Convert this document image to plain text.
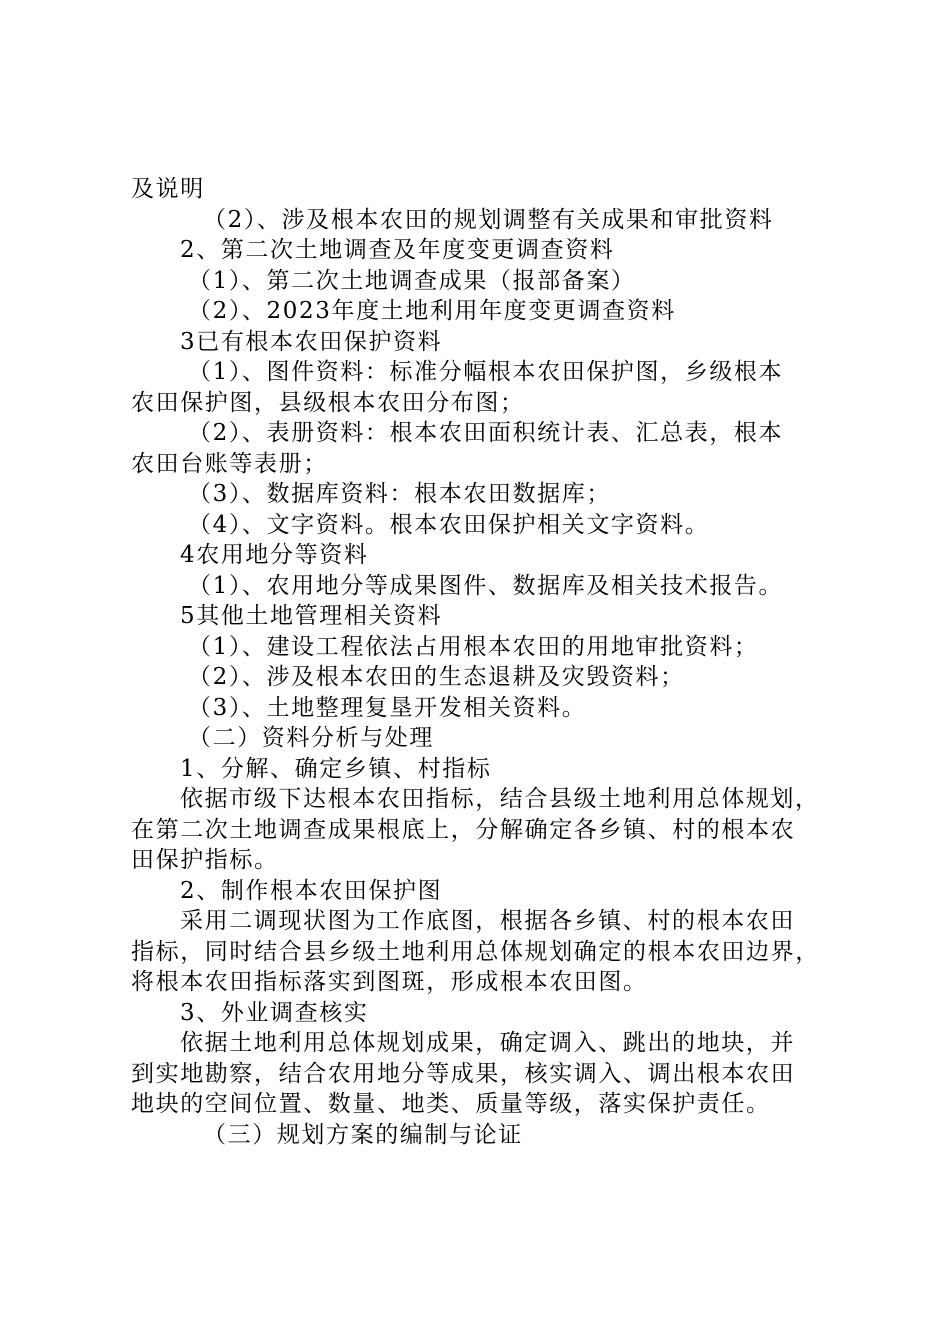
及说明
（2）、涉及根本农田的规划调整有关成果和审批资料
2、第二次土地调查及年度变更调查资料
（1）、第二次土地调查成果（报部备案）
（2）、2023年度土地利用年度变更调查资料
3已有根本农田保护资料
（1）、图件资料：标准分幅根本农田保护图，乡级根本
农田保护图，县级根本农田分布图；
（2）、表册资料：根本农田面积统计表、汇总表，根本
农田台账等表册；
（3）、数据库资料：根本农田数据库；
（4）、文字资料。根本农田保护相关文字资料。
4农用地分等资料
（1）、农用地分等成果图件、数据库及相关技术报告。
5其他土地管理相关资料
（1）、建设工程依法占用根本农田的用地审批资料；
（2）、涉及根本农田的生态退耕及灾毁资料；
（3）、土地整理复垦开发相关资料。
（二）资料分析与处理
1、分解、确定乡镇、村指标
依据市级下达根本农田指标，结合县级土地利用总体规划，
在第二次土地调查成果根底上，分解确定各乡镇、村的根本农
田保护指标。
2、制作根本农田保护图
采用二调现状图为工作底图，根据各乡镇、村的根本农田
指标，同时结合县乡级土地利用总体规划确定的根本农田边界，
将根本农田指标落实到图斑，形成根本农田图。
3、外业调查核实
依据土地利用总体规划成果，确定调入、跳出的地块，并
到实地勘察，结合农用地分等成果，核实调入、调出根本农田
地块的空间位置、数量、地类、质量等级，落实保护责任。
（三）规划方案的编制与论证
